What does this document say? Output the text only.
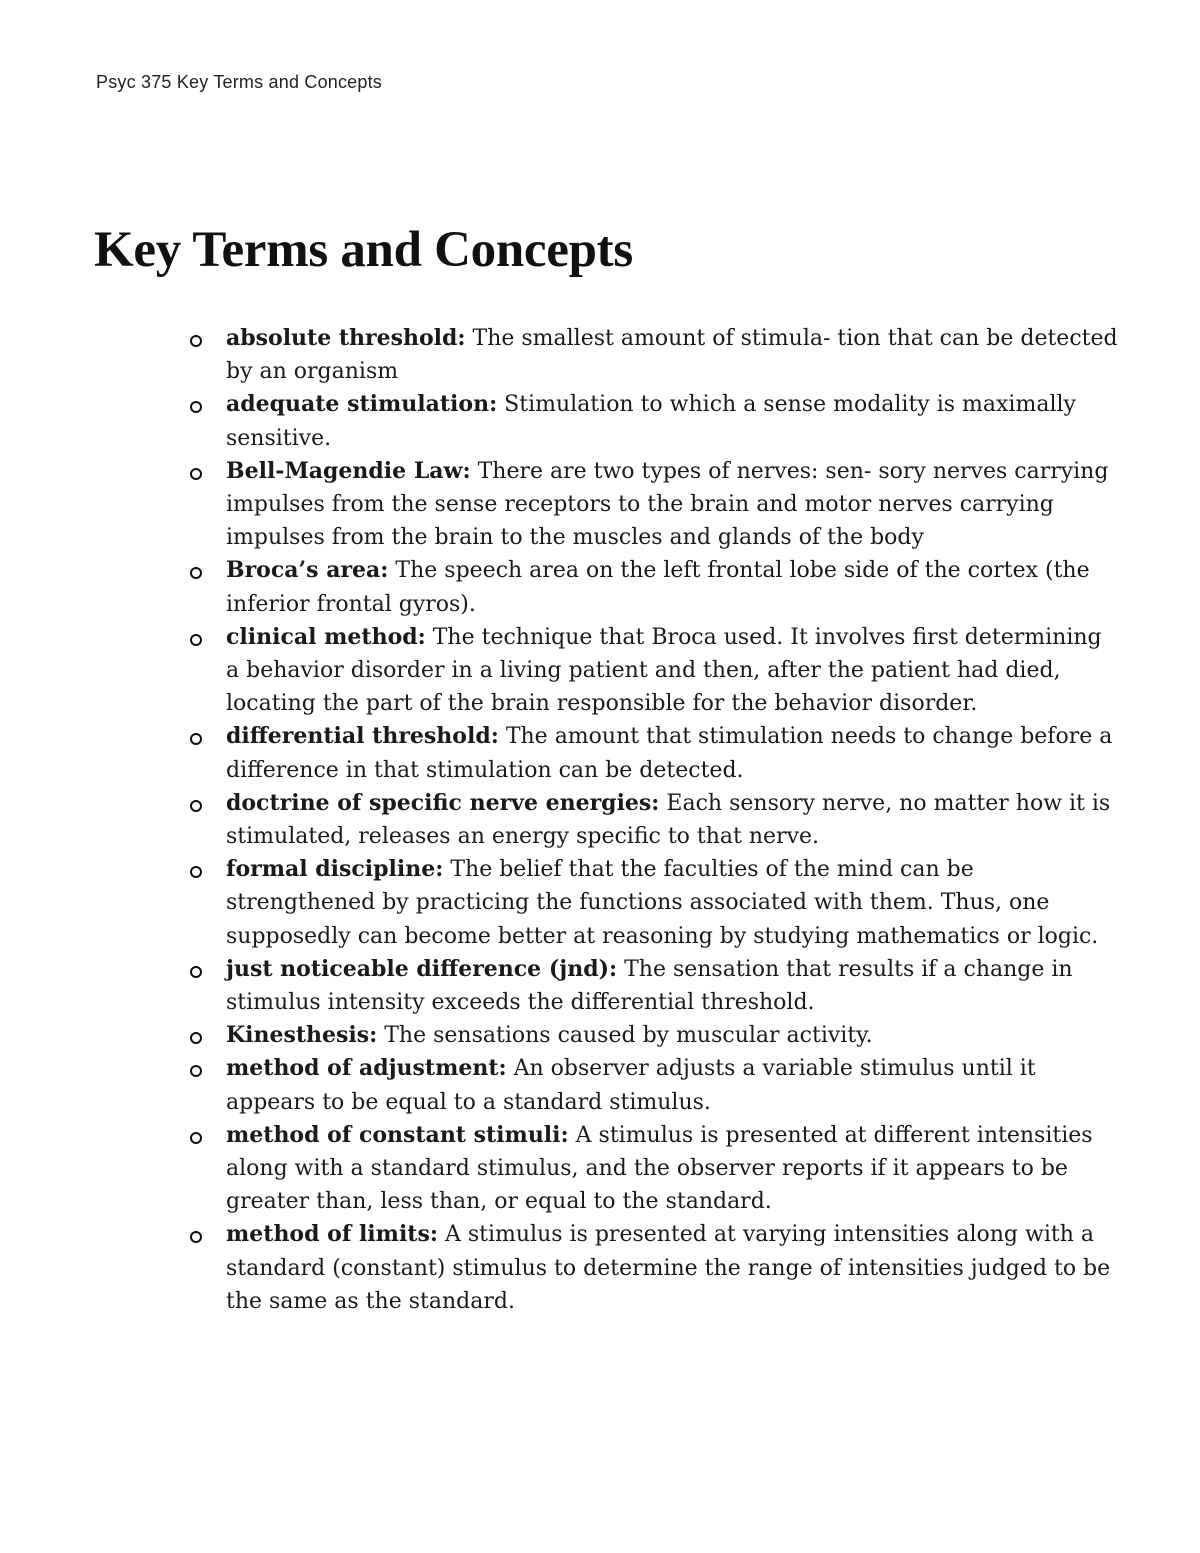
Psyc 375 Key Terms and Concepts
Key Terms and Concepts
absolute threshold: The smallest amount of stimula- tion that can be detected by an organism
adequate stimulation: Stimulation to which a sense modality is maximally sensitive.
Bell-Magendie Law: There are two types of nerves: sen- sory nerves carrying impulses from the sense receptors to the brain and motor nerves carrying impulses from the brain to the muscles and glands of the body
Broca’s area: The speech area on the left frontal lobe side of the cortex (the inferior frontal gyros).
clinical method: The technique that Broca used. It involves first determining a behavior disorder in a living patient and then, after the patient had died, locating the part of the brain responsible for the behavior disorder.
differential threshold: The amount that stimulation needs to change before a difference in that stimulation can be detected.
doctrine of specific nerve energies: Each sensory nerve, no matter how it is stimulated, releases an energy specific to that nerve.
formal discipline: The belief that the faculties of the mind can be strengthened by practicing the functions associated with them. Thus, one supposedly can become better at reasoning by studying mathematics or logic.
just noticeable difference (jnd): The sensation that results if a change in stimulus intensity exceeds the differential threshold.
Kinesthesis: The sensations caused by muscular activity.
method of adjustment: An observer adjusts a variable stimulus until it appears to be equal to a standard stimulus.
method of constant stimuli: A stimulus is presented at different intensities along with a standard stimulus, and the observer reports if it appears to be greater than, less than, or equal to the standard.
method of limits: A stimulus is presented at varying intensities along with a standard (constant) stimulus to determine the range of intensities judged to be the same as the standard.
